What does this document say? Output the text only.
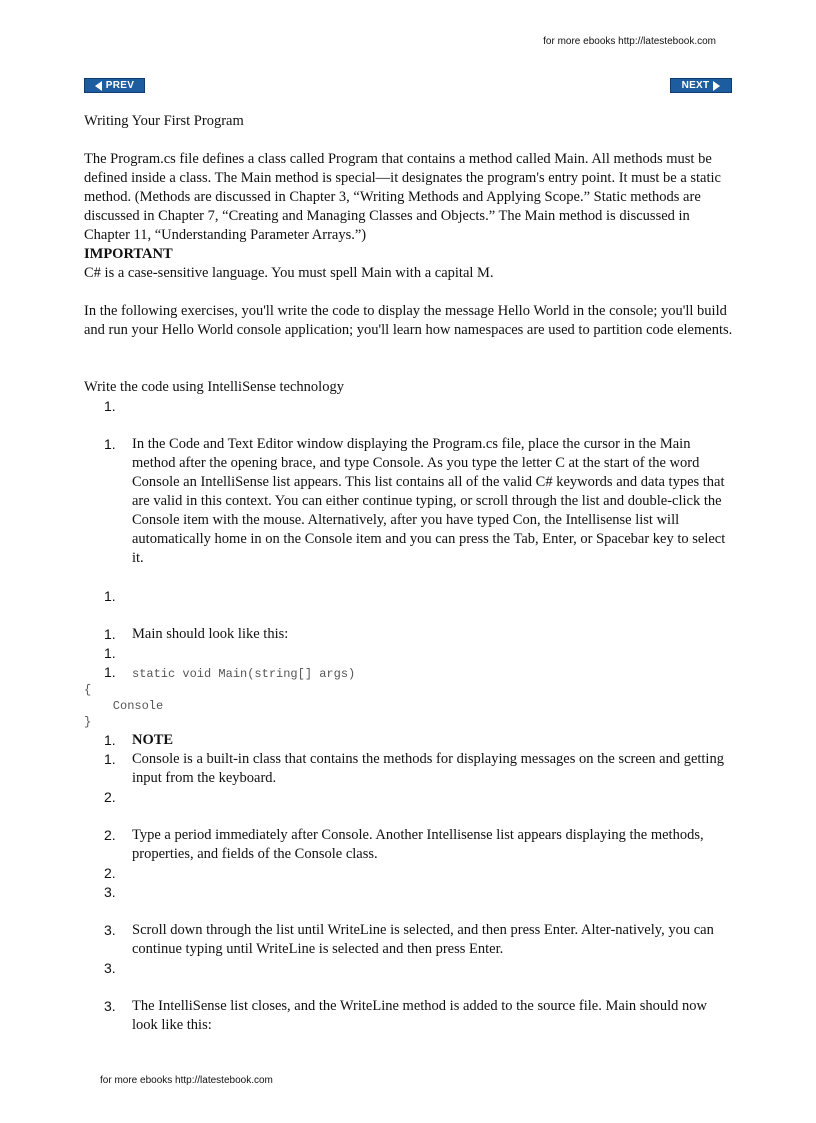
for more ebooks http://latestebook.com
PREV	NEXT
Writing Your First Program
The Program.cs file defines a class called Program that contains a method called Main. All methods must be defined inside a class. The Main method is special—it designates the program's entry point. It must be a static method. (Methods are discussed in Chapter 3, “Writing Methods and Applying Scope.” Static methods are discussed in Chapter 7, “Creating and Managing Classes and Objects.” The Main method is discussed in Chapter 11, “Understanding Parameter Arrays.”)
IMPORTANT
C# is a case-sensitive language. You must spell Main with a capital M.
In the following exercises, you'll write the code to display the message Hello World in the console; you'll build and run your Hello World console application; you'll learn how namespaces are used to partition code elements.
Write the code using IntelliSense technology
1.
1.	In the Code and Text Editor window displaying the Program.cs file, place the cursor in the Main method after the opening brace, and type Console. As you type the letter C at the start of the word Console an IntelliSense list appears. This list contains all of the valid C# keywords and data types that are valid in this context. You can either continue typing, or scroll through the list and double-click the Console item with the mouse. Alternatively, after you have typed Con, the Intellisense list will automatically home in on the Console item and you can press the Tab, Enter, or Spacebar key to select it.
1.
1.	Main should look like this:
1.
1.	static void Main(string[] args)
{
Console
}
1.	NOTE
1.	Console is a built-in class that contains the methods for displaying messages on the screen and getting input from the keyboard.
2.
2.	Type a period immediately after Console. Another Intellisense list appears displaying the methods, properties, and fields of the Console class.
2.
3.
3.	Scroll down through the list until WriteLine is selected, and then press Enter. Alter-natively, you can continue typing until WriteLine is selected and then press Enter.
3.
3.	The IntelliSense list closes, and the WriteLine method is added to the source file. Main should now look like this:
for more ebooks http://latestebook.com
